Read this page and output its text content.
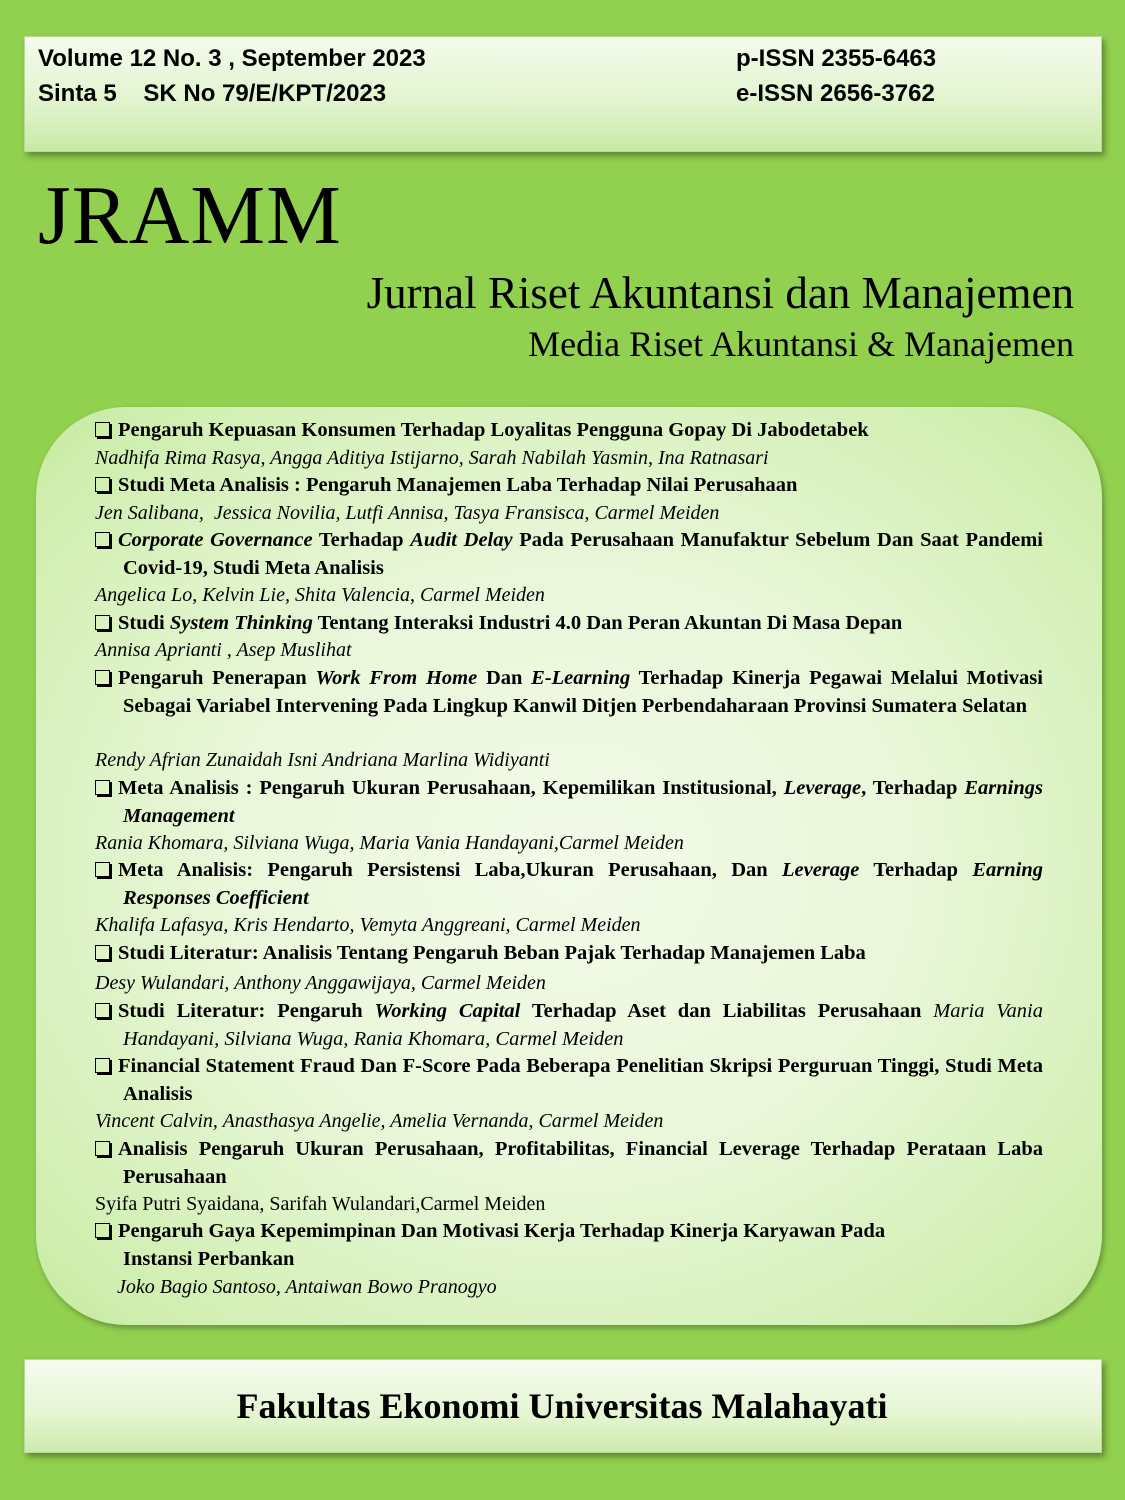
Volume 12 No. 3 , September 2023
Sinta 5    SK No 79/E/KPT/2023
p-ISSN 2355-6463
e-ISSN 2656-3762
JRAMM
Jurnal Riset Akuntansi dan Manajemen
Media Riset Akuntansi & Manajemen
Pengaruh Kepuasan Konsumen Terhadap Loyalitas Pengguna Gopay Di Jabodetabek
Nadhifa Rima Rasya, Angga Aditiya Istijarno, Sarah Nabilah Yasmin, Ina Ratnasari
Studi Meta Analisis : Pengaruh Manajemen Laba Terhadap Nilai Perusahaan
Jen Salibana,  Jessica Novilia, Lutfi Annisa, Tasya Fransisca, Carmel Meiden
Corporate Governance Terhadap Audit Delay Pada Perusahaan Manufaktur Sebelum Dan Saat Pandemi Covid-19, Studi Meta Analisis
Angelica Lo, Kelvin Lie, Shita Valencia, Carmel Meiden
Studi System Thinking Tentang Interaksi Industri 4.0 Dan Peran Akuntan Di Masa Depan
Annisa Aprianti , Asep Muslihat
Pengaruh Penerapan Work From Home Dan E-Learning Terhadap Kinerja Pegawai Melalui Motivasi Sebagai Variabel Intervening Pada Lingkup Kanwil Ditjen Perbendaharaan Provinsi Sumatera Selatan
Rendy Afrian Zunaidah Isni Andriana Marlina Widiyanti
Meta Analisis : Pengaruh Ukuran Perusahaan, Kepemilikan Institusional, Leverage, Terhadap Earnings Management
Rania Khomara, Silviana Wuga, Maria Vania Handayani,Carmel Meiden
Meta Analisis: Pengaruh Persistensi Laba,Ukuran Perusahaan, Dan Leverage Terhadap Earning Responses Coefficient
Khalifa Lafasya, Kris Hendarto, Vemyta Anggreani, Carmel Meiden
Studi Literatur: Analisis Tentang Pengaruh Beban Pajak Terhadap Manajemen Laba
Desy Wulandari, Anthony Anggawijaya, Carmel Meiden
Studi Literatur: Pengaruh Working Capital Terhadap Aset dan Liabilitas Perusahaan Maria Vania Handayani, Silviana Wuga, Rania Khomara, Carmel Meiden
Financial Statement Fraud Dan F-Score Pada Beberapa Penelitian Skripsi Perguruan Tinggi, Studi Meta Analisis
Vincent Calvin, Anasthasya Angelie, Amelia Vernanda, Carmel Meiden
Analisis Pengaruh Ukuran Perusahaan, Profitabilitas, Financial Leverage Terhadap Perataan Laba Perusahaan
Syifa Putri Syaidana, Sarifah Wulandari,Carmel Meiden
Pengaruh Gaya Kepemimpinan Dan Motivasi Kerja Terhadap Kinerja Karyawan Pada Instansi Perbankan
Joko Bagio Santoso, Antaiwan Bowo Pranogyo
Fakultas Ekonomi Universitas Malahayati
